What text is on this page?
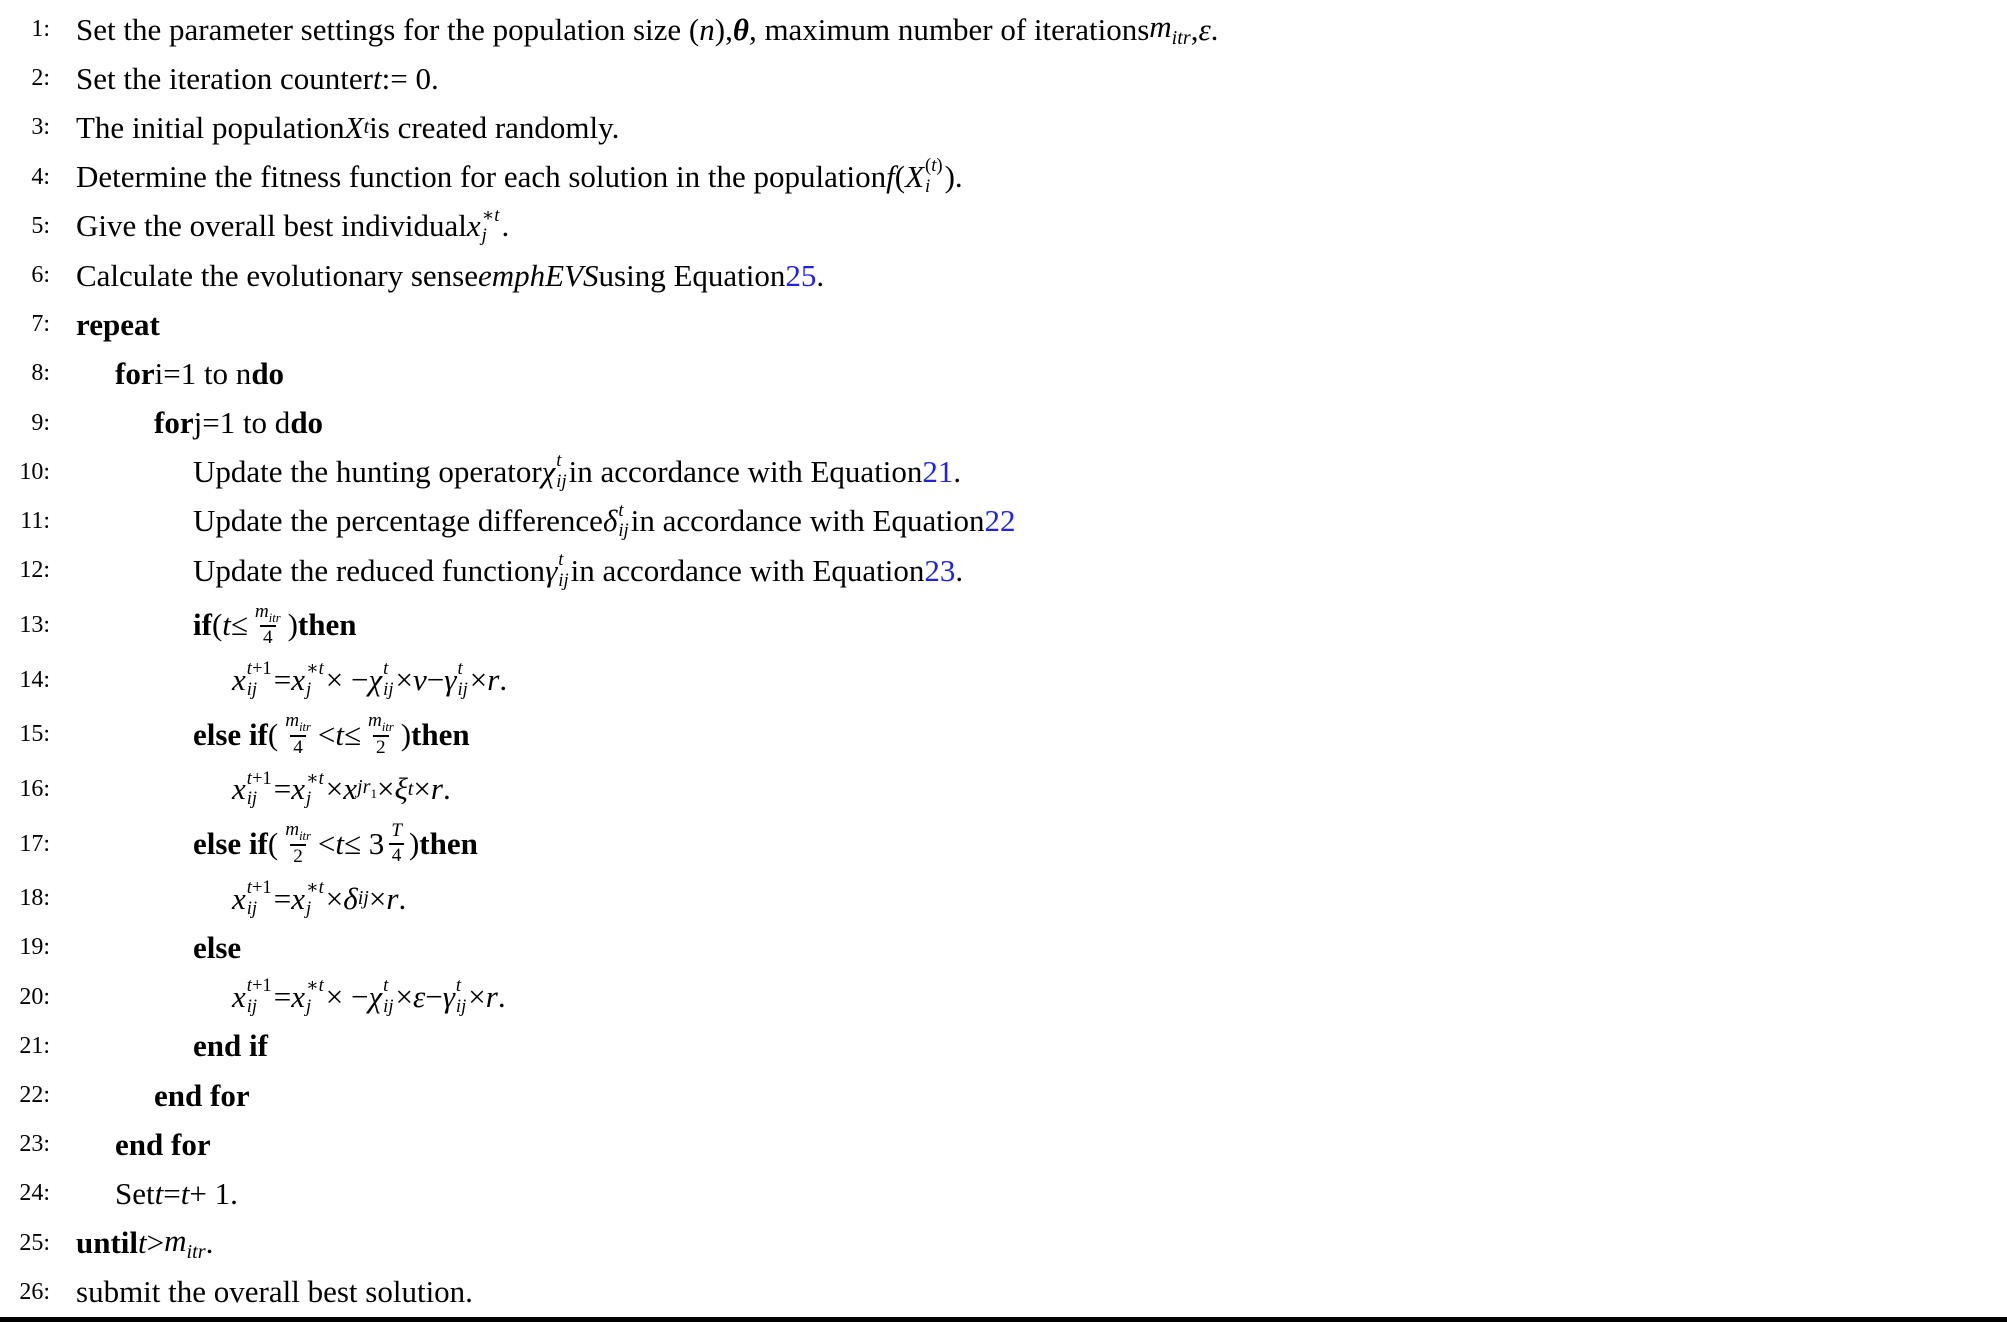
1: Set the parameter settings for the population size ( n ), θ , maximum number of iterations $m_{itr}$ , ε .
2: Set the iteration counter t := 0.
3: The initial population X t is created randomly.
4: Determine the fitness function for each solution in the population f ( X (t)
i ).
5: Give the overall best individual x ∗t
j .
6: Calculate the evolutionary sense emphEVS using Equation 25 .
7: repeat
8: for i=1 to n do
9:	for j=1 to d do
10:	Update the hunting operator χ t
ij in accordance with Equation 21 .
11:	Update the percentage difference δ t
ij in accordance with Equation 22
12:	Update the reduced function γ t
ij in accordance with Equation 23 .
13:	if ( $t \le \frac{m_{itr}}{4}$ ) then
14:	x t+1
ij = x ∗t
j × − χ t
ij × ν − γ t
ij × r .
15:	else if ( $\frac{m_{itr}}{4} < t \le \frac{m_{itr}}{2}$ ) then
16:	x t+1
ij = x ∗t
j × x $jr_1 \times \xi$ t × r .
17:	else if ( $\frac{m_{itr}}{2} < t \le 3 \frac{T}{4}$ ) then
18:	x t+1
ij = x ∗t
j × δ ij × r .
19:	else
20:	x t+1
ij = x ∗t
j × − χ t
ij × ε − γ t
ij × r .
21:	end if
22:	end for
23: end for
24: Set t = t + 1.
25: until $t > m_{itr}$ .
26: submit the overall best solution.
